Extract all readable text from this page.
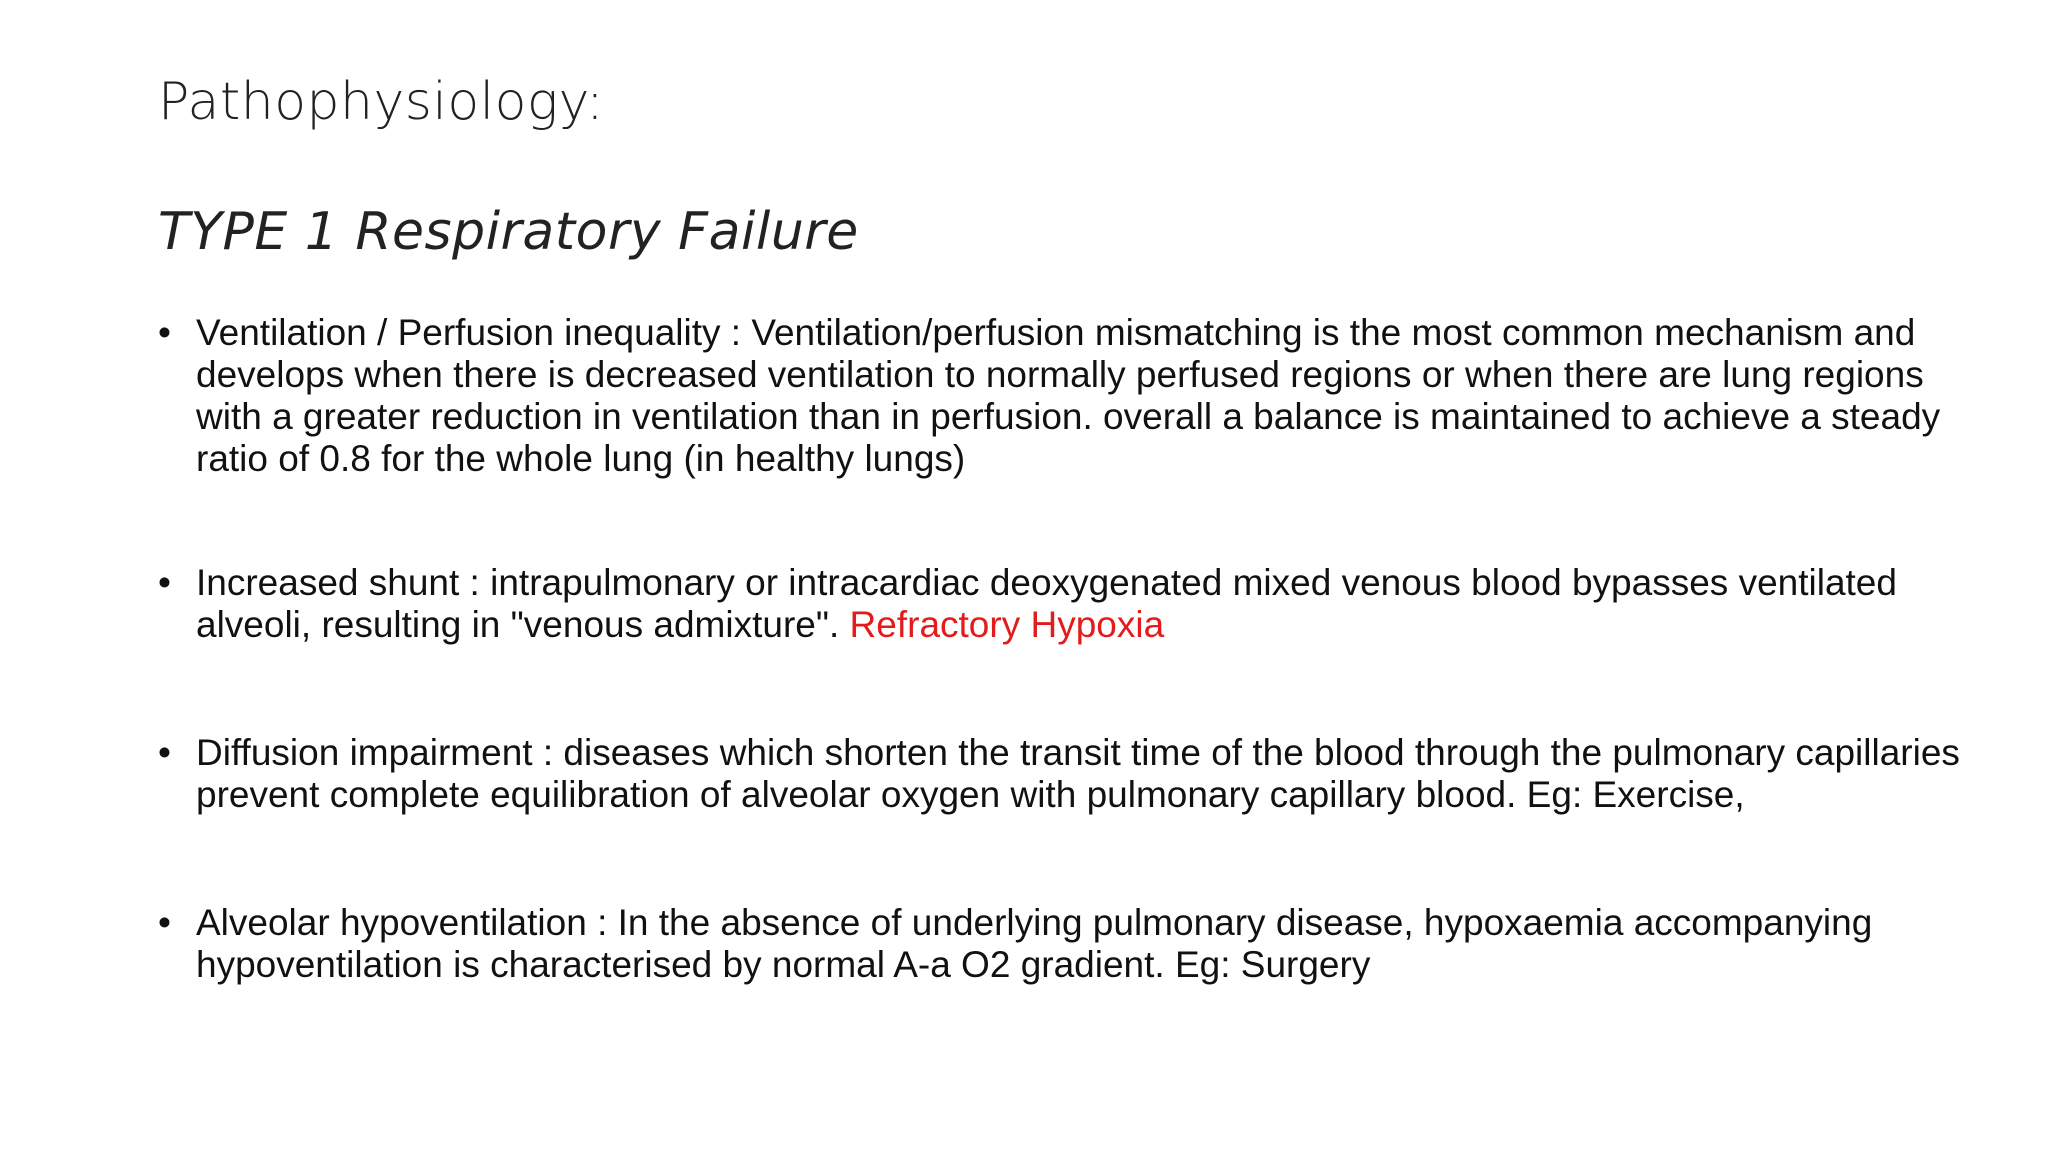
Pathophysiology:
TYPE 1 Respiratory Failure
• Ventilation / Perfusion inequality : Ventilation/perfusion mismatching is the most common mechanism and develops when there is decreased ventilation to normally perfused regions or when there are lung regions with a greater reduction in ventilation than in perfusion. overall a balance is maintained to achieve a steady ratio of 0.8 for the whole lung (in healthy lungs)
• Increased shunt : intrapulmonary or intracardiac deoxygenated mixed venous blood bypasses ventilated alveoli, resulting in "venous admixture". Refractory Hypoxia
• Diffusion impairment : diseases which shorten the transit time of the blood through the pulmonary capillaries prevent complete equilibration of alveolar oxygen with pulmonary capillary blood. Eg: Exercise,
• Alveolar hypoventilation : In the absence of underlying pulmonary disease, hypoxaemia accompanying hypoventilation is characterised by normal A-a O2 gradient. Eg: Surgery
